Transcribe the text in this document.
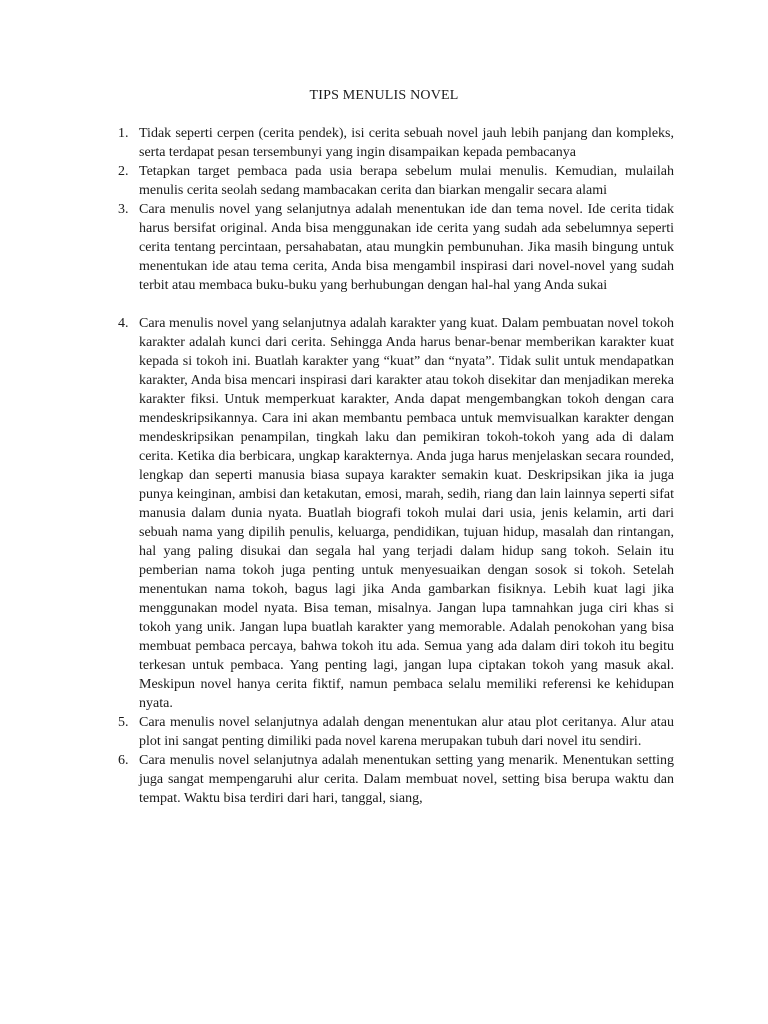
TIPS MENULIS NOVEL
1. Tidak seperti cerpen (cerita pendek), isi cerita sebuah novel jauh lebih panjang dan kompleks, serta terdapat pesan tersembunyi yang ingin disampaikan kepada pembacanya
2. Tetapkan target pembaca pada usia berapa sebelum mulai menulis. Kemudian, mulailah menulis cerita seolah sedang mambacakan cerita dan biarkan mengalir secara alami
3. Cara menulis novel yang selanjutnya adalah menentukan ide dan tema novel. Ide cerita tidak harus bersifat original. Anda bisa menggunakan ide cerita yang sudah ada sebelumnya seperti cerita tentang percintaan, persahabatan, atau mungkin pembunuhan. Jika masih bingung untuk menentukan ide atau tema cerita, Anda bisa mengambil inspirasi dari novel-novel yang sudah terbit atau membaca buku-buku yang berhubungan dengan hal-hal yang Anda sukai
4. Cara menulis novel yang selanjutnya adalah karakter yang kuat. Dalam pembuatan novel tokoh karakter adalah kunci dari cerita. Sehingga Anda harus benar-benar memberikan karakter kuat kepada si tokoh ini. Buatlah karakter yang “kuat” dan “nyata”. Tidak sulit untuk mendapatkan karakter, Anda bisa mencari inspirasi dari karakter atau tokoh disekitar dan menjadikan mereka karakter fiksi. Untuk memperkuat karakter, Anda dapat mengembangkan tokoh dengan cara mendeskripsikannya. Cara ini akan membantu pembaca untuk memvisualkan karakter dengan mendeskripsikan penampilan, tingkah laku dan pemikiran tokoh-tokoh yang ada di dalam cerita. Ketika dia berbicara, ungkap karakternya. Anda juga harus menjelaskan secara rounded, lengkap dan seperti manusia biasa supaya karakter semakin kuat. Deskripsikan jika ia juga punya keinginan, ambisi dan ketakutan, emosi, marah, sedih, riang dan lain lainnya seperti sifat manusia dalam dunia nyata. Buatlah biografi tokoh mulai dari usia, jenis kelamin, arti dari sebuah nama yang dipilih penulis, keluarga, pendidikan, tujuan hidup, masalah dan rintangan, hal yang paling disukai dan segala hal yang terjadi dalam hidup sang tokoh. Selain itu pemberian nama tokoh juga penting untuk menyesuaikan dengan sosok si tokoh. Setelah menentukan nama tokoh, bagus lagi jika Anda gambarkan fisiknya. Lebih kuat lagi jika menggunakan model nyata. Bisa teman, misalnya. Jangan lupa tamnahkan juga ciri khas si tokoh yang unik. Jangan lupa buatlah karakter yang memorable. Adalah penokohan yang bisa membuat pembaca percaya, bahwa tokoh itu ada. Semua yang ada dalam diri tokoh itu begitu terkesan untuk pembaca. Yang penting lagi, jangan lupa ciptakan tokoh yang masuk akal. Meskipun novel hanya cerita fiktif, namun pembaca selalu memiliki referensi ke kehidupan nyata.
5. Cara menulis novel selanjutnya adalah dengan menentukan alur atau plot ceritanya. Alur atau plot ini sangat penting dimiliki pada novel karena merupakan tubuh dari novel itu sendiri.
6. Cara menulis novel selanjutnya adalah menentukan setting yang menarik. Menentukan setting juga sangat mempengaruhi alur cerita. Dalam membuat novel, setting bisa berupa waktu dan tempat. Waktu bisa terdiri dari hari, tanggal, siang,
